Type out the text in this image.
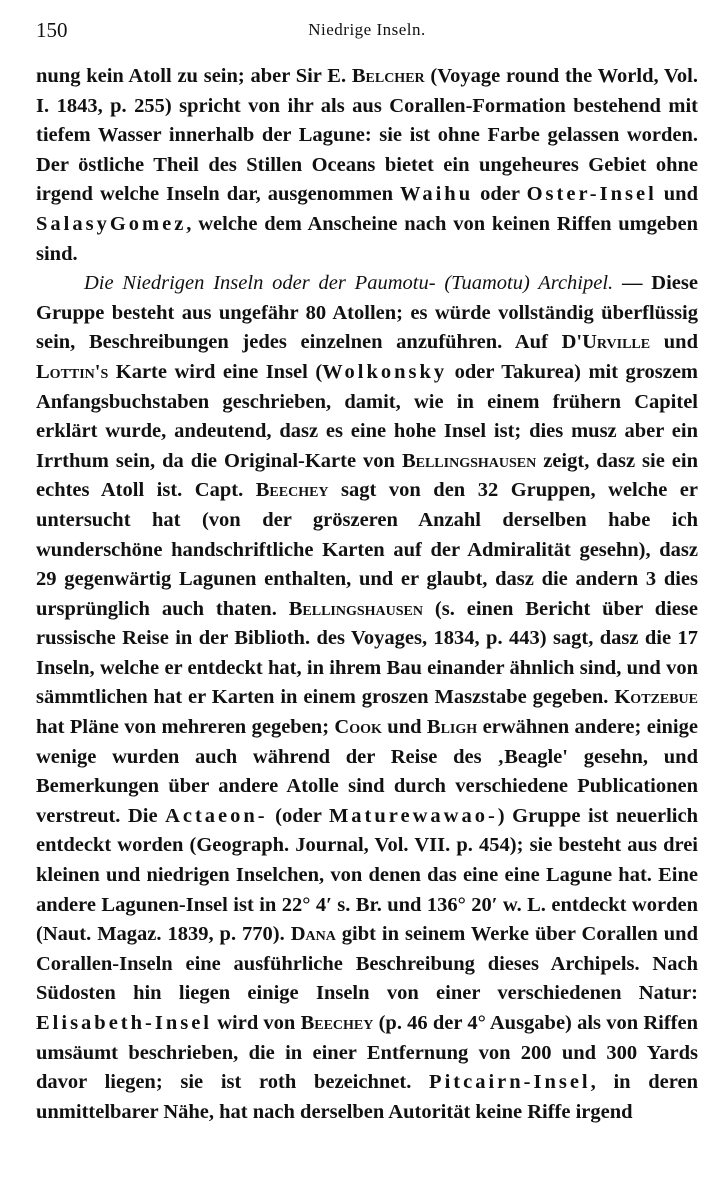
150	Niedrige Inseln.

nung kein Atoll zu sein; aber Sir E. Belcher (Voyage round the World, Vol. I. 1843, p. 255) spricht von ihr als aus Corallen-Formation bestehend mit tiefem Wasser innerhalb der Lagune: sie ist ohne Farbe gelassen worden. Der östliche Theil des Stillen Oceans bietet ein ungeheures Gebiet ohne irgend welche Inseln dar, ausgenommen Waihu oder Oster-Insel und SalasyGomez, welche dem Anscheine nach von keinen Riffen umgeben sind.

Die Niedrigen Inseln oder der Paumotu- (Tuamotu) Archipel. — Diese Gruppe besteht aus ungefähr 80 Atollen; es würde vollständig überflüssig sein, Beschreibungen jedes einzelnen anzuführen. Auf D'Urville und Lottin's Karte wird eine Insel (Wolkonsky oder Takurea) mit groszem Anfangsbuchstaben geschrieben, damit, wie in einem frühern Capitel erklärt wurde, andeutend, dasz es eine hohe Insel ist; dies musz aber ein Irrthum sein, da die Original-Karte von Bellingshausen zeigt, dasz sie ein echtes Atoll ist. Capt. Beechey sagt von den 32 Gruppen, welche er untersucht hat (von der gröszeren Anzahl derselben habe ich wunderschöne handschriftliche Karten auf der Admiralität gesehn), dasz 29 gegenwärtig Lagunen enthalten, und er glaubt, dasz die andern 3 dies ursprünglich auch thaten. Bellingshausen (s. einen Bericht über diese russische Reise in der Biblioth. des Voyages, 1834, p. 443) sagt, dasz die 17 Inseln, welche er entdeckt hat, in ihrem Bau einander ähnlich sind, und von sämmtlichen hat er Karten in einem groszen Maszstabe gegeben. Kotzebue hat Pläne von mehreren gegeben; Cook und Bligh erwähnen andere; einige wenige wurden auch während der Reise des ‚Beagle' gesehn, und Bemerkungen über andere Atolle sind durch verschiedene Publicationen verstreut. Die Actaeon- (oder Maturewawao-) Gruppe ist neuerlich entdeckt worden (Geograph. Journal, Vol. VII. p. 454); sie besteht aus drei kleinen und niedrigen Inselchen, von denen das eine eine Lagune hat. Eine andere Lagunen-Insel ist in 22° 4′ s. Br. und 136° 20′ w. L. entdeckt worden (Naut. Magaz. 1839, p. 770). Dana gibt in seinem Werke über Corallen und Corallen-Inseln eine ausführliche Beschreibung dieses Archipels. Nach Südosten hin liegen einige Inseln von einer verschiedenen Natur: Elisabeth-Insel wird von Beechey (p. 46 der 4° Ausgabe) als von Riffen umsäumt beschrieben, die in einer Entfernung von 200 und 300 Yards davor liegen; sie ist roth bezeichnet. Pitcairn-Insel, in deren unmittelbarer Nähe, hat nach derselben Autorität keine Riffe irgend
